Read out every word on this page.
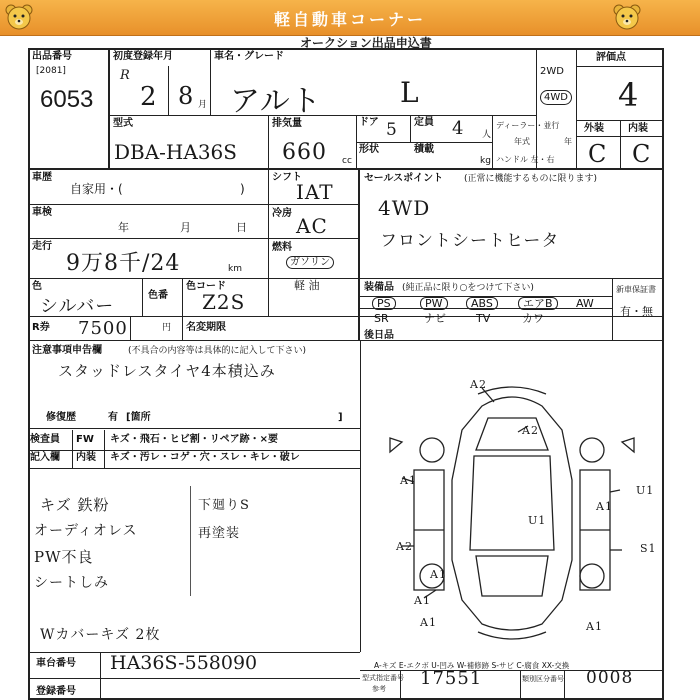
軽自動車コーナー
オークション出品申込書
出品番号
[2081]
6053
初度登録年月
R
2 8 月
車名・グレード
アルト	L
2WD
4WD
評価点
4
外装 内装
C C
型式
DBA-HA36S
排気量
660 cc
ドア 5 定員 4 人
形状	積載
kg
ディーラー・並行
年式	年
ハンドル 左・右
車歴
自家用・(	)
シフト
IAT
冷房
AC
燃料
ガソリン
軽 油
車検
年	月	日
走行
9万8千/24	km
色
シルバー
色番
色コード
Z2S
R券 7500	円 名変期限
セールスポイント (正常に機能するものに限ります)
4WD
フロントシートヒータ
装備品 (純正品に限り○をつけて下さい)
PS	PW	ABS	エアB	AW
SR	ナビ	TV	カワ
新車保証書
有・無
後日品
注意事項申告欄	(不具合の内容等は具体的に記入して下さい)
スタッドレスタイヤ4本積込み
修復歴	有 [箇所	]
検査員
記入欄
FW キズ・飛石・ヒビ割・リペア跡・×要
内装 キズ・汚レ・コゲ・穴・スレ・キレ・破レ
キズ 鉄粉
オーディオレス
PW不良
シートしみ
Wカバーキズ 2枚
下廻りS
再塗装
A2
A2
A1
U1
U1
A2
A1
A1
S1
A1
A1	A1
A-キズ E-エクボ U-凹み W-補修跡 S-サビ C-腐食 XX-交換
車台番号 HA36S-558090
登録番号
型式指定番号
参考 17551	類別区分番号 0008
